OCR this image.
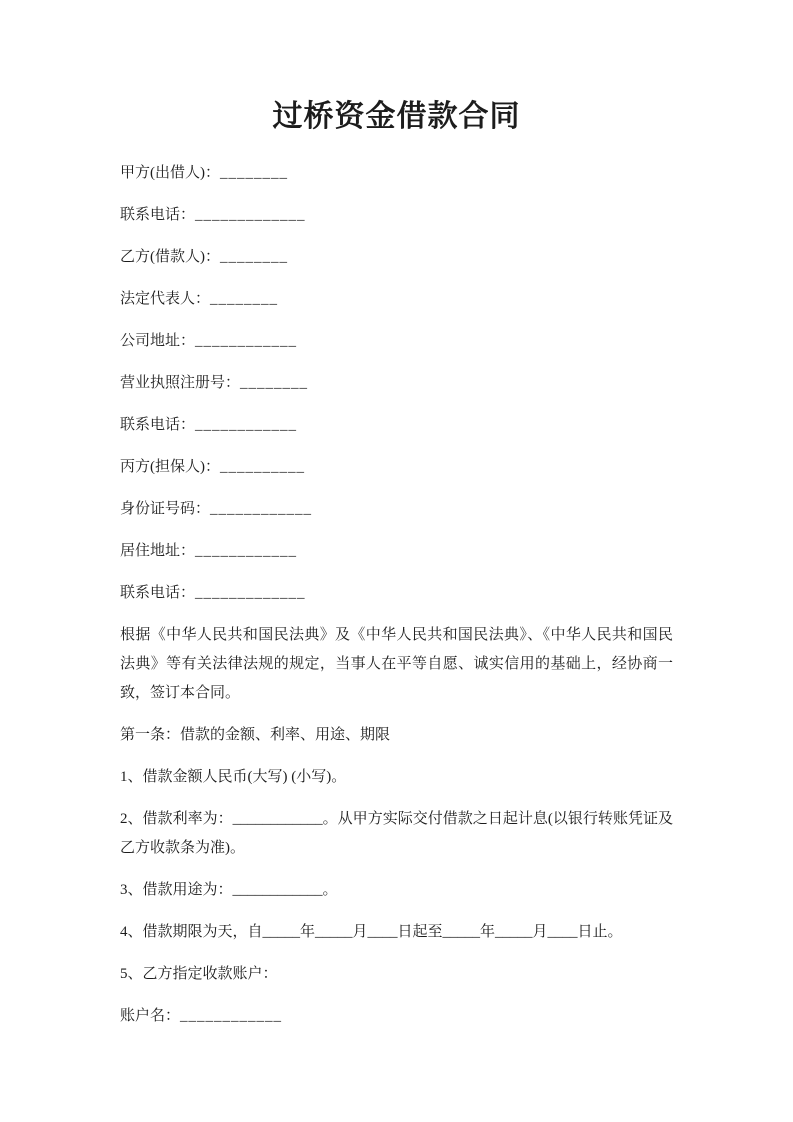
过桥资金借款合同

甲方(出借人)：________

联系电话：_____________

乙方(借款人)：________

法定代表人：________

公司地址：____________

营业执照注册号：________

联系电话：____________

丙方(担保人)：__________

身份证号码：____________

居住地址：____________

联系电话：_____________

根据《中华人民共和国民法典》及《中华人民共和国民法典》、《中华人民共和国民法典》等有关法律法规的规定，当事人在平等自愿、诚实信用的基础上，经协商一致，签订本合同。

第一条：借款的金额、利率、用途、期限

1、借款金额人民币(大写) (小写)。

2、借款利率为：____________。从甲方实际交付借款之日起计息(以银行转账凭证及乙方收款条为准)。

3、借款用途为：____________。

4、借款期限为天，自_____年_____月____日起至_____年_____月____日止。

5、乙方指定收款账户：

账户名：____________
